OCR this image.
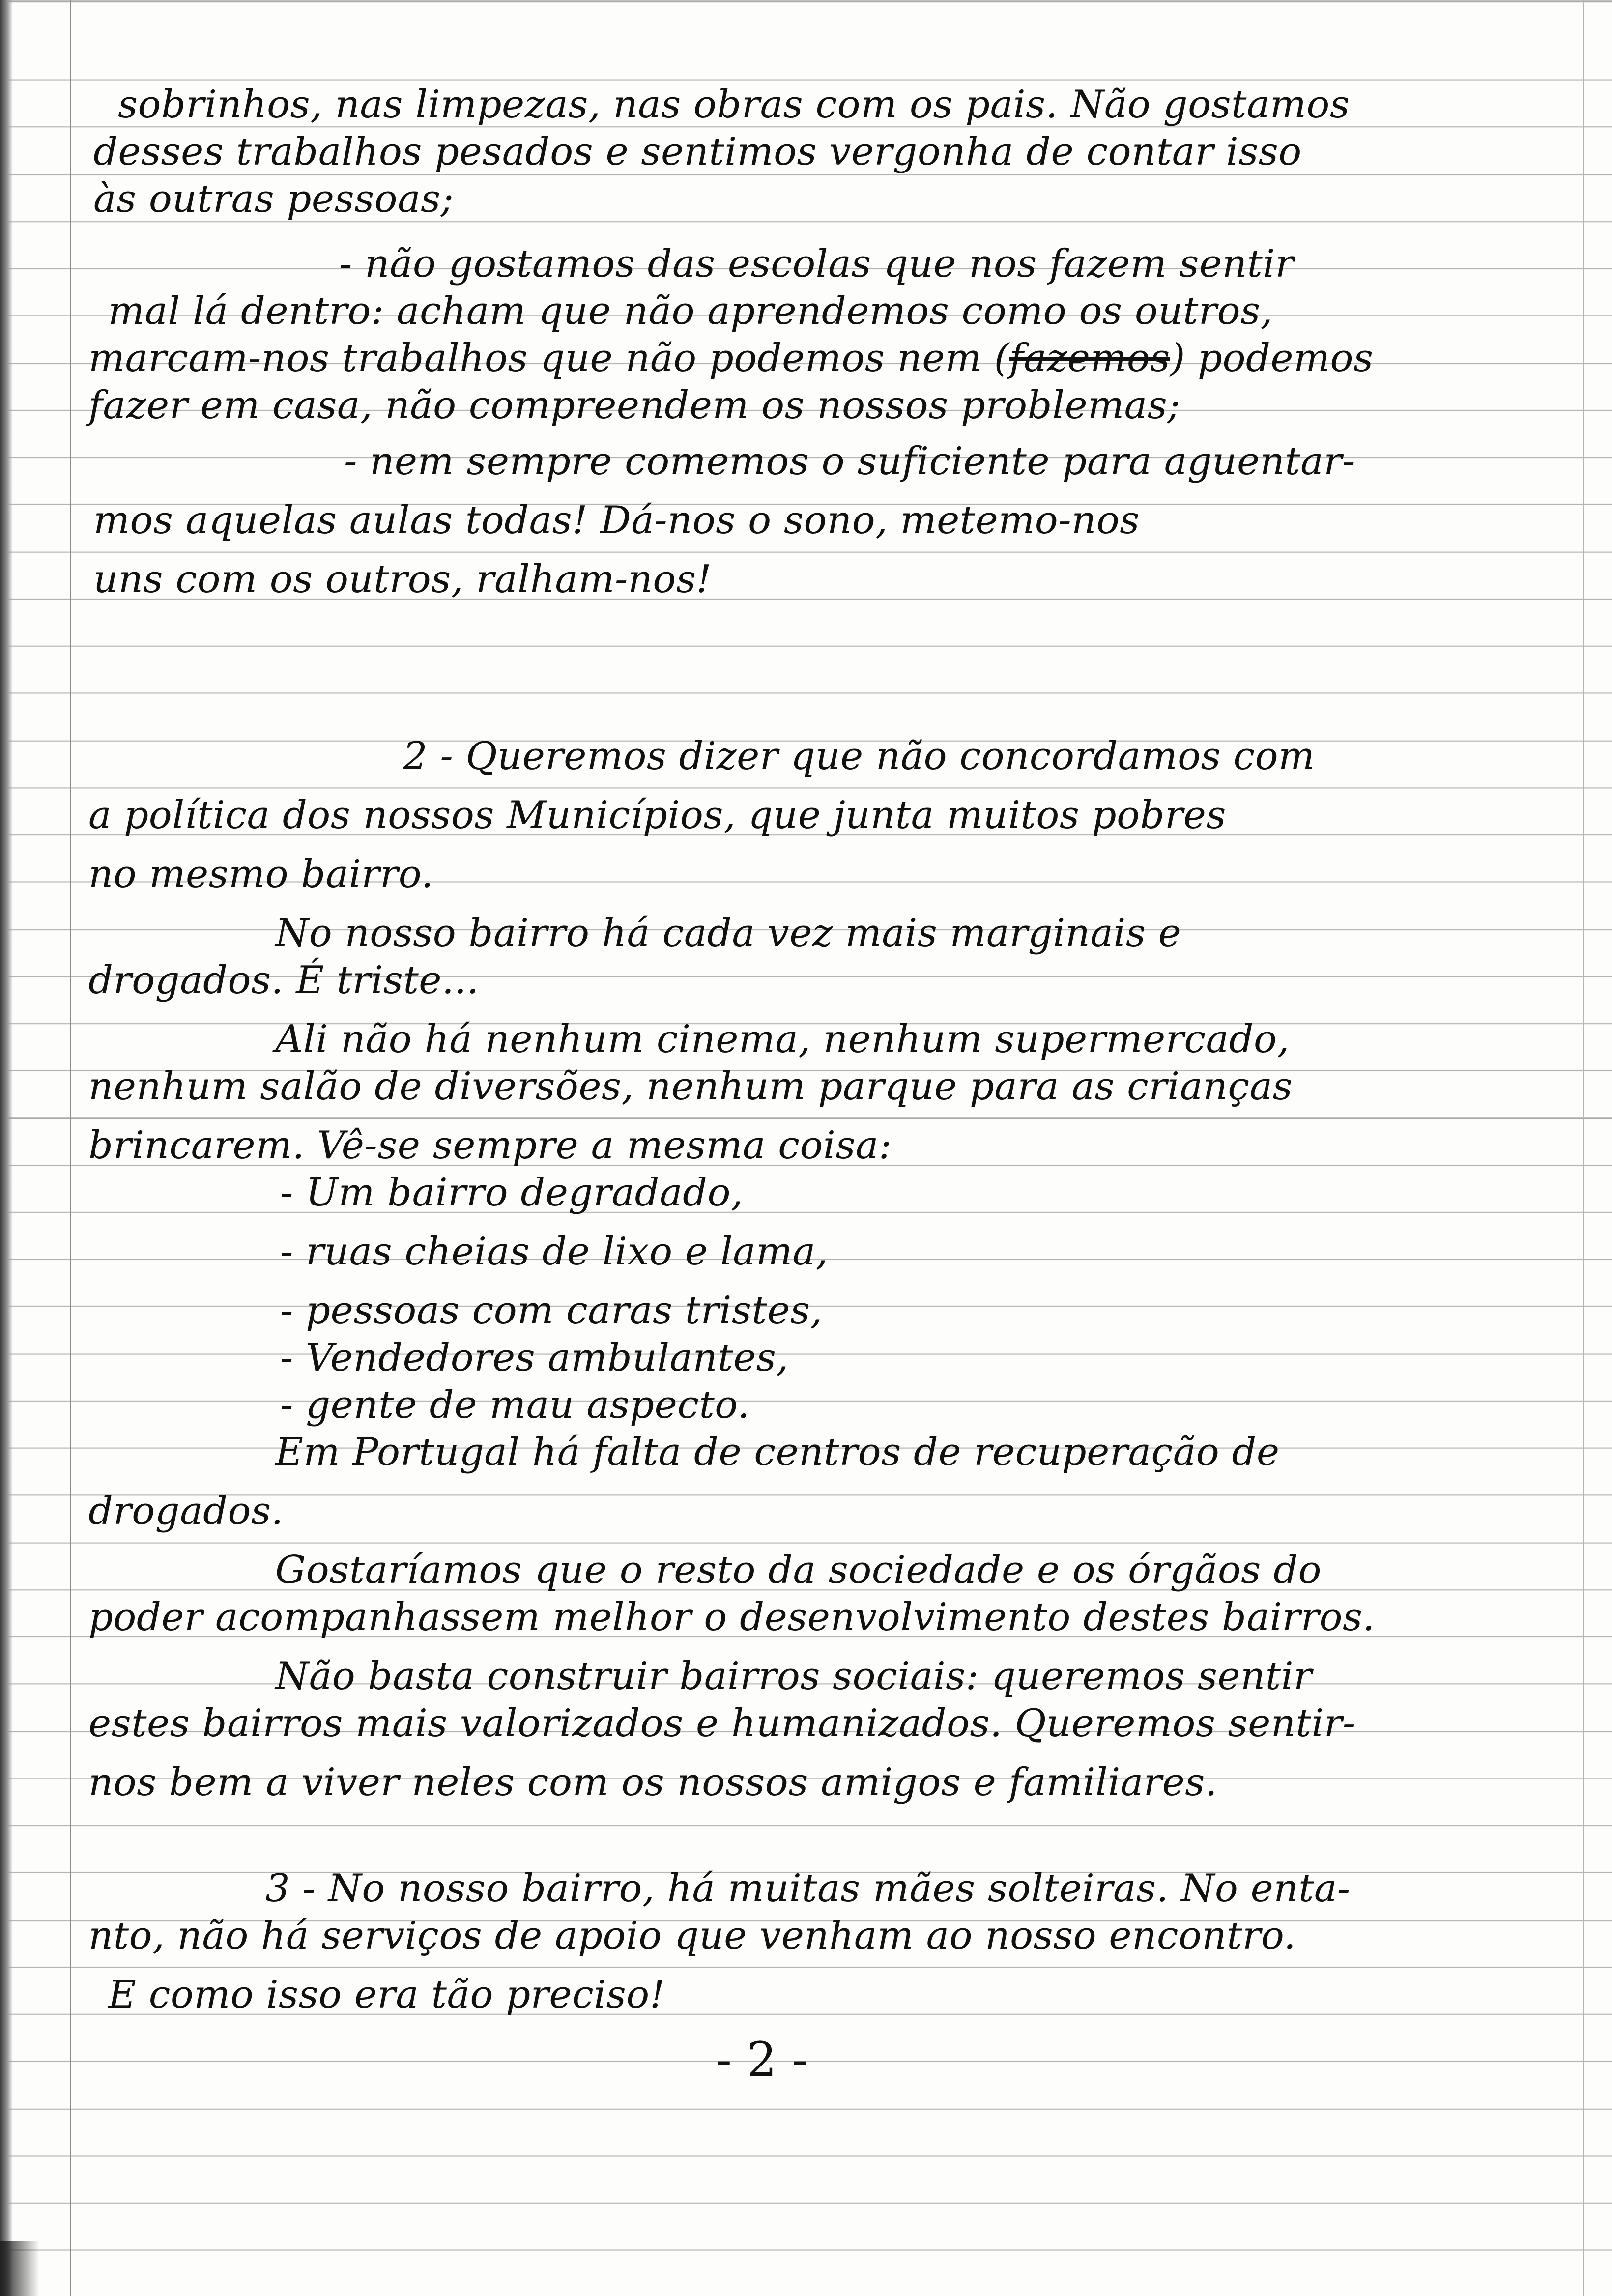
sobrinhos, nas limpezas, nas obras com os pais. Não gostamos
desses trabalhos pesados e sentimos vergonha de contar isso
às outras pessoas;
- não gostamos das escolas que nos fazem sentir
mal lá dentro: acham que não aprendemos como os outros,
marcam-nos trabalhos que não podemos nem (fazemos) podemos
fazer em casa, não compreendem os nossos problemas;
- nem sempre comemos o suficiente para aguentar-
mos aquelas aulas todas! Dá-nos o sono, metemo-nos
uns com os outros, ralham-nos!
2 - Queremos dizer que não concordamos com
a política dos nossos Municípios, que junta muitos pobres
no mesmo bairro.
No nosso bairro há cada vez mais marginais e
drogados. É triste...
Ali não há nenhum cinema, nenhum supermercado,
nenhum salão de diversões, nenhum parque para as crianças
brincarem. Vê-se sempre a mesma coisa:
- Um bairro degradado,
- ruas cheias de lixo e lama,
- pessoas com caras tristes,
- Vendedores ambulantes,
- gente de mau aspecto.
Em Portugal há falta de centros de recuperação de
drogados.
Gostaríamos que o resto da sociedade e os órgãos do
poder acompanhassem melhor o desenvolvimento destes bairros.
Não basta construir bairros sociais: queremos sentir
estes bairros mais valorizados e humanizados. Queremos sentir-
nos bem a viver neles com os nossos amigos e familiares.
3 - No nosso bairro, há muitas mães solteiras. No enta-
nto, não há serviços de apoio que venham ao nosso encontro.
E como isso era tão preciso!
- 2 -
